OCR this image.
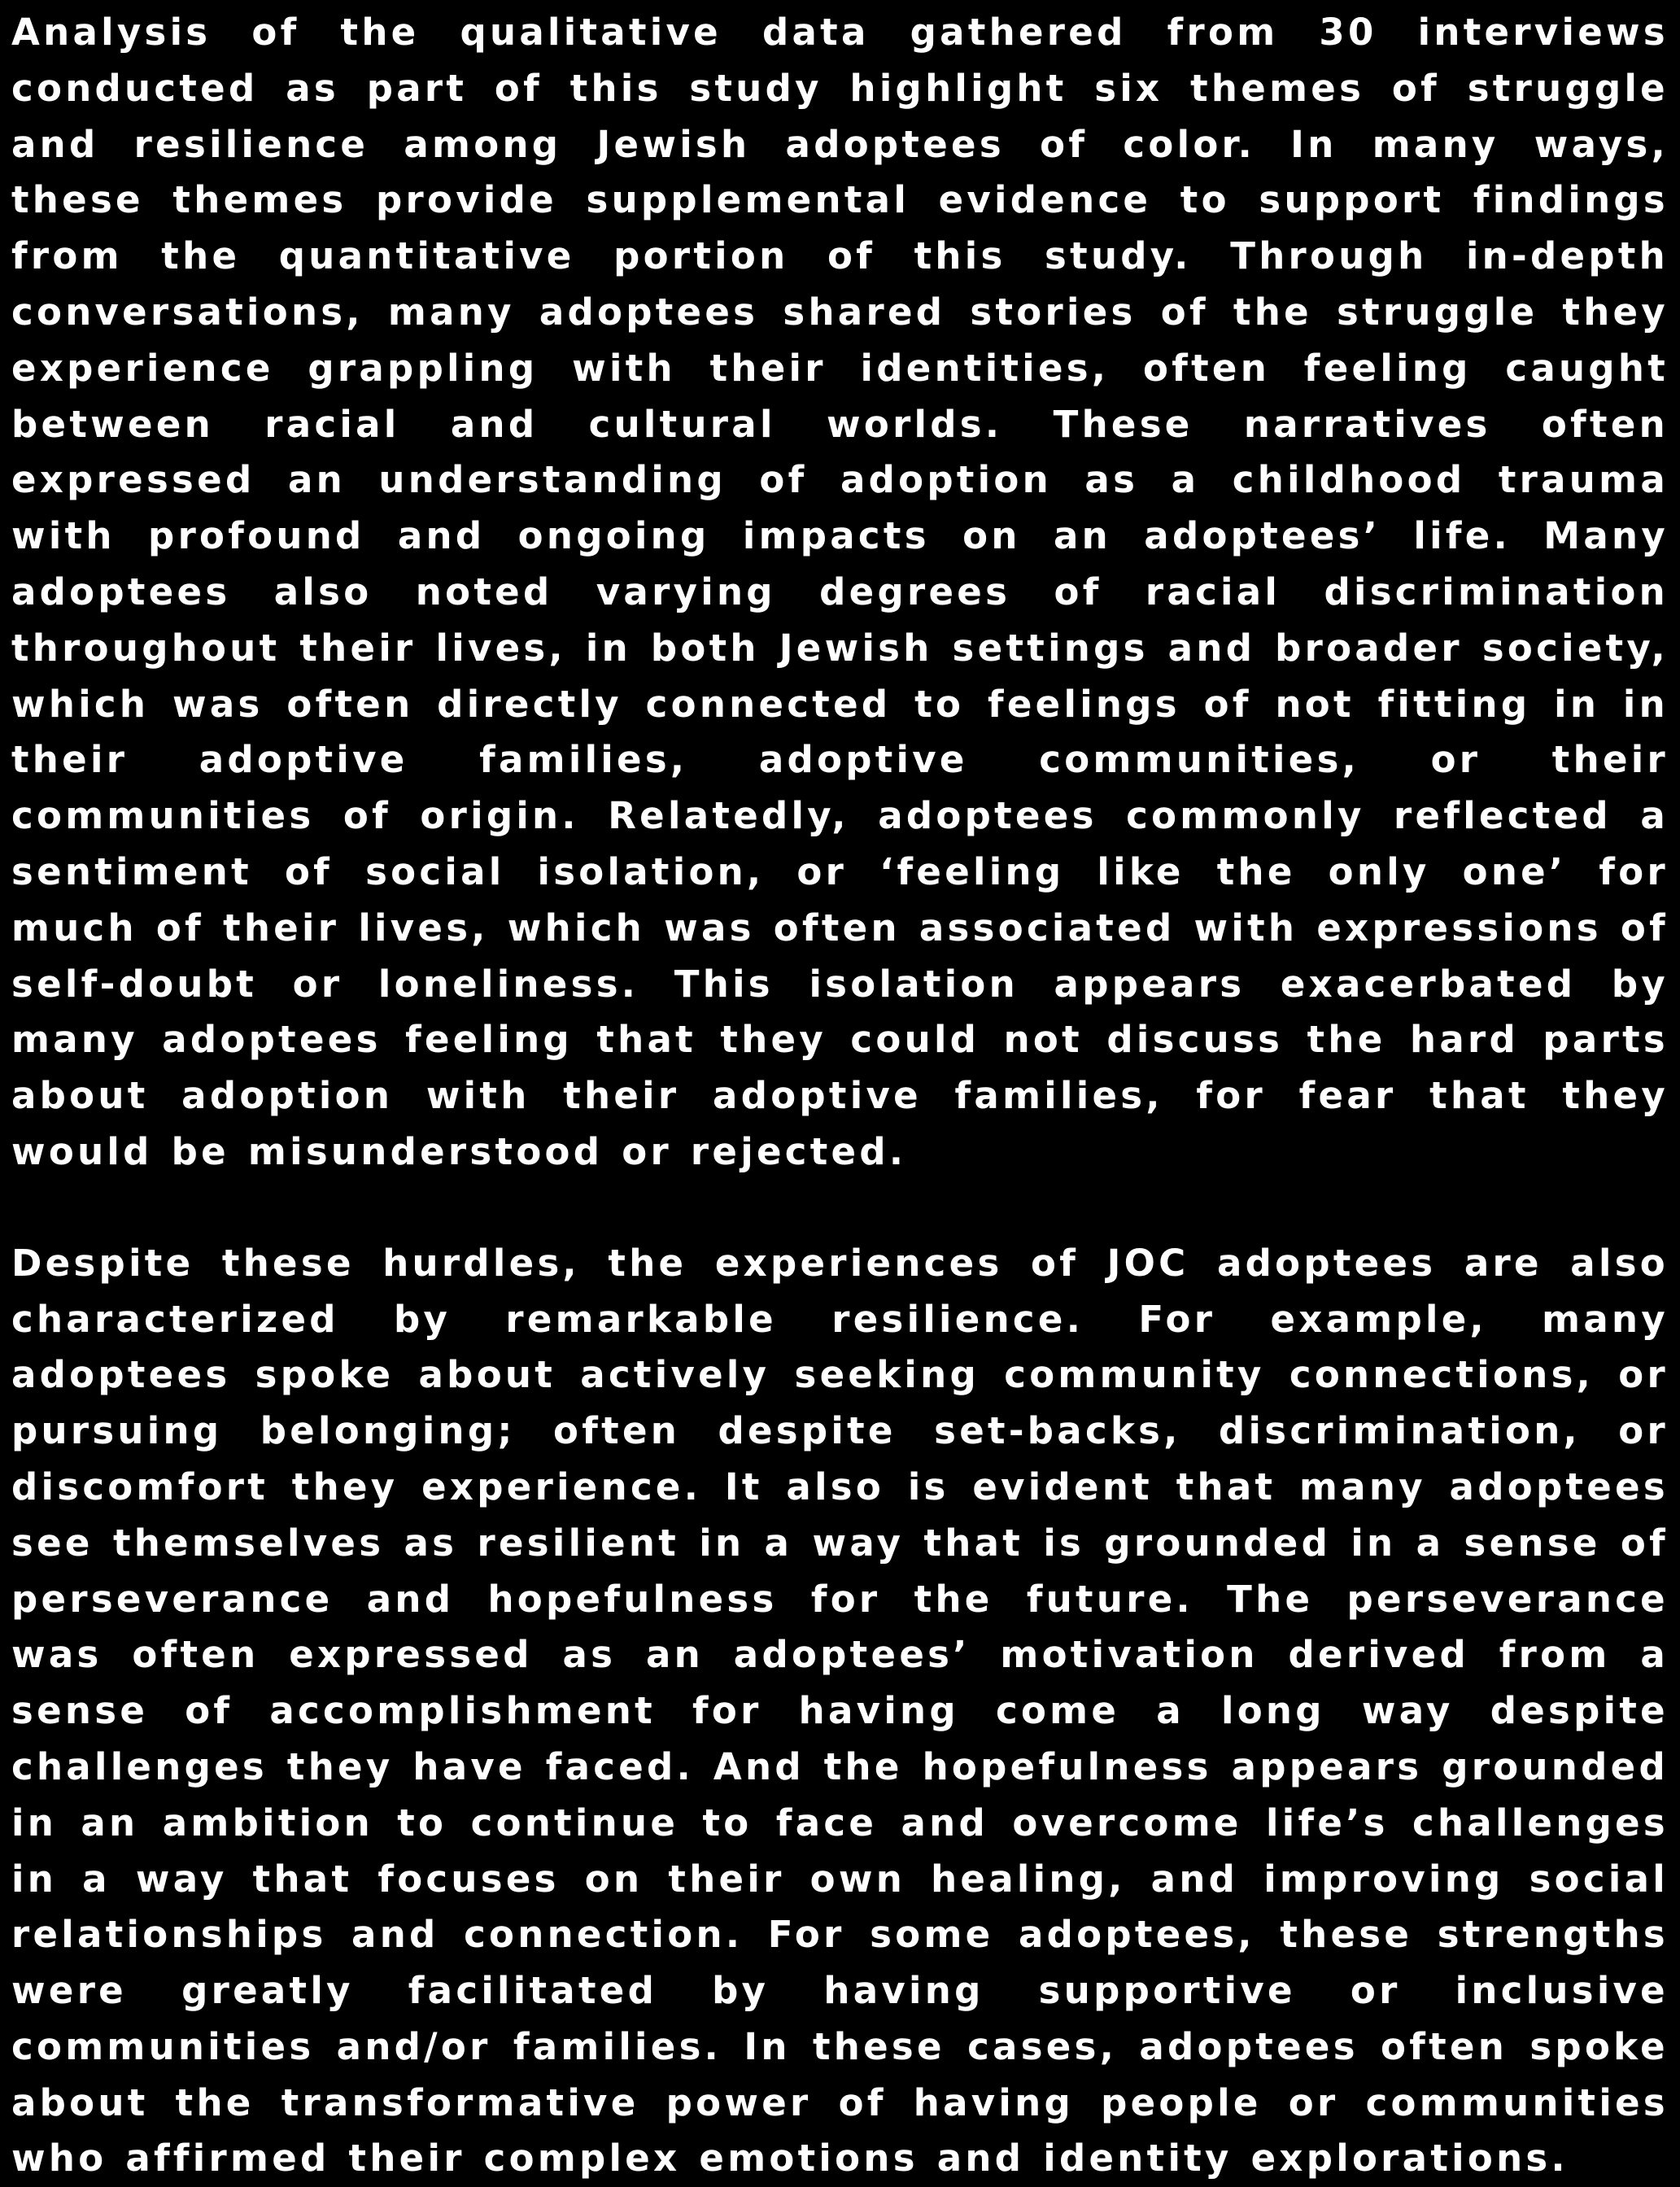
Analysis of the qualitative data gathered from 30 interviews conducted as part of this study highlight six themes of struggle and resilience among Jewish adoptees of color. In many ways, these themes provide supplemental evidence to support findings from the quantitative portion of this study. Through in-depth conversations, many adoptees shared stories of the struggle they experience grappling with their identities, often feeling caught between racial and cultural worlds. These narratives often expressed an understanding of adoption as a childhood trauma with profound and ongoing impacts on an adoptees’ life. Many adoptees also noted varying degrees of racial discrimination throughout their lives, in both Jewish settings and broader society, which was often directly connected to feelings of not fitting in in their adoptive families, adoptive communities, or their communities of origin. Relatedly, adoptees commonly reflected a sentiment of social isolation, or ‘feeling like the only one’ for much of their lives, which was often associated with expressions of self-doubt or loneliness. This isolation appears exacerbated by many adoptees feeling that they could not discuss the hard parts about adoption with their adoptive families, for fear that they would be misunderstood or rejected.

Despite these hurdles, the experiences of JOC adoptees are also characterized by remarkable resilience. For example, many adoptees spoke about actively seeking community connections, or pursuing belonging; often despite set-backs, discrimination, or discomfort they experience. It also is evident that many adoptees see themselves as resilient in a way that is grounded in a sense of perseverance and hopefulness for the future. The perseverance was often expressed as an adoptees’ motivation derived from a sense of accomplishment for having come a long way despite challenges they have faced. And the hopefulness appears grounded in an ambition to continue to face and overcome life’s challenges in a way that focuses on their own healing, and improving social relationships and connection. For some adoptees, these strengths were greatly facilitated by having supportive or inclusive communities and/or families. In these cases, adoptees often spoke about the transformative power of having people or communities who affirmed their complex emotions and identity explorations.
